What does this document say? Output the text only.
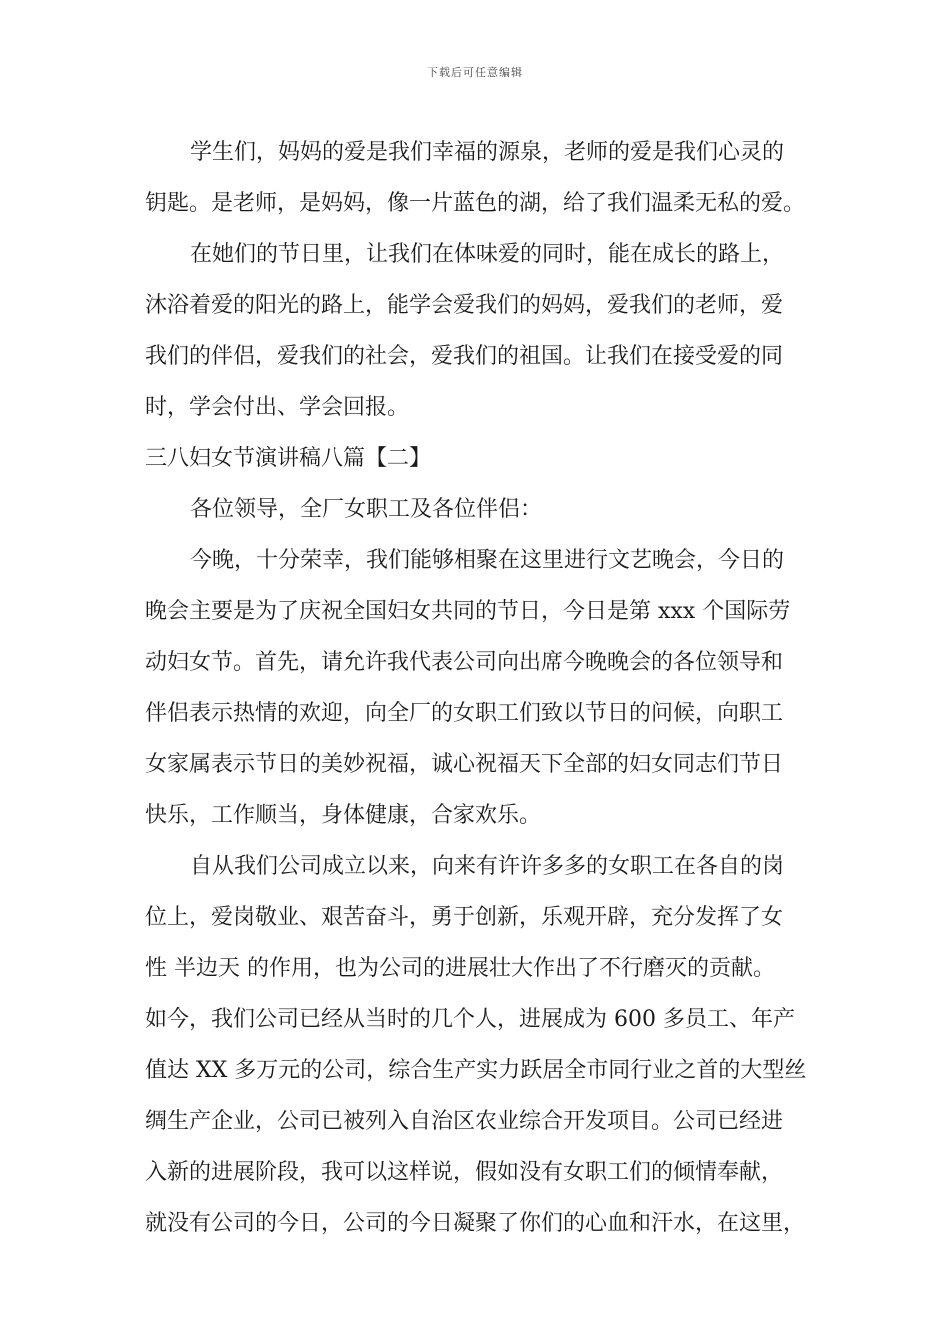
下载后可任意编辑
学生们，妈妈的爱是我们幸福的源泉，老师的爱是我们心灵的
钥匙。是老师，是妈妈，像一片蓝色的湖，给了我们温柔无私的爱。
在她们的节日里，让我们在体味爱的同时，能在成长的路上，
沐浴着爱的阳光的路上，能学会爱我们的妈妈，爱我们的老师，爱
我们的伴侣，爱我们的社会，爱我们的祖国。让我们在接受爱的同
时，学会付出、学会回报。
三八妇女节演讲稿八篇【二】
各位领导，全厂女职工及各位伴侣：
今晚，十分荣幸，我们能够相聚在这里进行文艺晚会，今日的
晚会主要是为了庆祝全国妇女共同的节日，今日是第 xxx 个国际劳
动妇女节。首先，请允许我代表公司向出席今晚晚会的各位领导和
伴侣表示热情的欢迎，向全厂的女职工们致以节日的问候，向职工
女家属表示节日的美妙祝福，诚心祝福天下全部的妇女同志们节日
快乐，工作顺当，身体健康，合家欢乐。
自从我们公司成立以来，向来有许许多多的女职工在各自的岗
位上，爱岗敬业、艰苦奋斗，勇于创新，乐观开辟，充分发挥了女
性 半边天 的作用，也为公司的进展壮大作出了不行磨灭的贡献。
如今，我们公司已经从当时的几个人，进展成为 600 多员工、年产
值达 XX 多万元的公司，综合生产实力跃居全市同行业之首的大型丝
绸生产企业，公司已被列入自治区农业综合开发项目。公司已经进
入新的进展阶段，我可以这样说，假如没有女职工们的倾情奉献，
就没有公司的今日，公司的今日凝聚了你们的心血和汗水，在这里，
